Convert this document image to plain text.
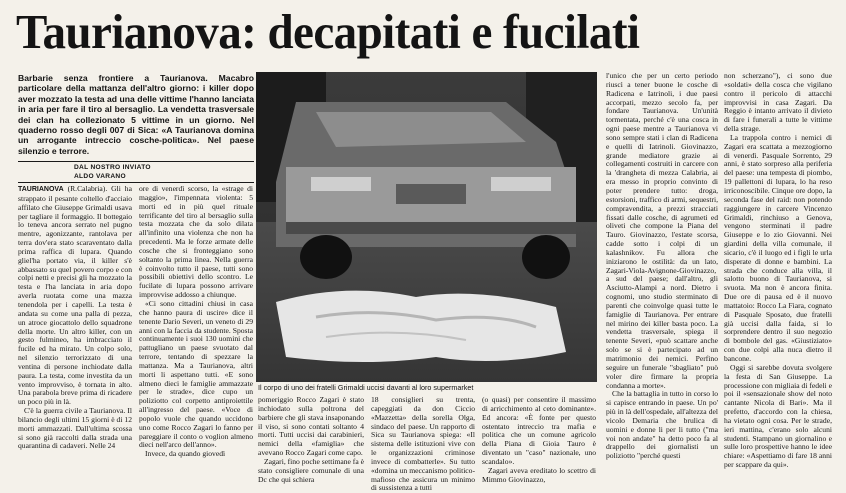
Taurianova: decapitati e fucilati
Barbarie senza frontiere a Taurianova. Macabro particolare della mattanza dell'altro giorno: i killer dopo aver mozzato la testa ad una delle vittime l'hanno lanciata in aria per fare il tiro al bersaglio. La vendetta trasversale dei clan ha collezionato 5 vittime in un giorno. Nel quaderno rosso degli 007 di Sica: «A Taurianova domina un arrogante intreccio cosche-politica». Nel paese silenzio e terrore.
DAL NOSTRO INVIATO
ALDO VARANO

TAURIANOVA (R.Calabria). Gli ha strappato il pesante coltello d'acciaio affilato che Giuseppe Grimaldi usava per tagliare il formaggio. Il bottegaio lo teneva ancora serrato nel pugno mentre, agonizzante, rantolava per terra dov'era stato scaraventato dalla prima raffica di lupara. Quando gliel'ha portato via, il killer s'è abbassato su quel povero corpo e con colpi netti e precisi gli ha mozzato la testa e l'ha lanciata in aria dopo averla ruotata come una mazza tenendola per i capelli. La testa è andata su come una palla di pezza, un atroce giocattolo dello squadrone della morte. Un altro killer, con un gesto fulmineo, ha imbracciato il fucile ed ha mirato. Un colpo solo, nel silenzio terrorizzato di una ventina di persone inchiodate dalla paura. La testa, come investita da un vento improvviso, è tornata in alto. Una parabola breve prima di ricadere un poco più in là.

C'è la guerra civile a Taurianova. Il bilancio degli ultimi 15 giorni è di 12 morti ammazzati. Dall'ultima scossa si sono già raccolti dalla strada una quarantina di cadaveri. Nelle 24

ore di venerdì scorso, la «strage di maggio», l'impennata violenta: 5 morti ed in più quel rituale terrificante del tiro al bersaglio sulla testa mozzata che da solo dilata all'infinito una violenza che non ha precedenti. Ma le forze armate delle cosche che si fronteggiano sono soltanto la prima linea. Nella guerra è coinvolto tutto il paese, tutti sono possibili obiettivi dello scontro. Le fucilate di lupara possono arrivare improvvise addosso a chiunque.

«Ci sono cittadini chiusi in casa che hanno paura di uscire» dice il tenente Dario Severi, un veneto di 29 anni con la faccia da studente. Sposta continuamente i suoi 130 uomini che pattugliano un paese svuotato dal terrore, tentando di spezzare la mattanza. Ma a Taurianova, altri morti li aspettano tutti. «E sono almeno dieci le famiglie ammazzate per le strade», dice cupo un poliziotto col corpetto antiproiettile all'ingresso del paese. «Voce di popolo vuole che quando uccidono uno come Rocco Zagari lo fanno per pareggiare il conto o voglion almeno dieci nell'arco dell'anno».

Invece, da quando giovedì

Il corpo di uno dei fratelli Grimaldi uccisi davanti al loro supermarket

pomeriggio Rocco Zagari è stato inchiodato sulla poltrona del barbiere che gli stava insaponando il viso, si sono contati soltanto 4 morti. Tutti uccisi dai carabinieri, nemici della «famiglia» che avevano Rocco Zagari come capo.

Zagari, fino poche settimane fa è stato consigliere comunale di una Dc che qui schiera

18 consiglieri su trenta, capeggiati da don Ciccio «Mazzetta» della sorella Olga, sindaco del paese. Un rapporto di Sica su Taurianova spiega: «Il sistema delle istituzioni vive con le organizzazioni criminose invece di combatterle». Su tutto «domina un meccanismo politico-mafioso che assicura un minimo di sussistenza a tutti

(o quasi) per consentire il massimo di arricchimento al ceto dominante». Ed ancora: «È fonte per questo ostentato intreccio tra mafia e politica che un comune agricolo della Piana di Gioia Tauro è diventato un "caso" nazionale, uno scandalo».

Zagari aveva ereditato lo scettro di Mimmo Giovinazzo,

l'unico che per un certo periodo riuscì a tener buone le cosche di Radicena e Iatrinoli, i due paesi accorpati, mezzo secolo fa, per fondare Taurianova. Un'unità tormentata, perché c'è una cosca in ogni paese mentre a Taurianova vi sono sempre stati i clan di Radicena e quelli di Iatrinoli. Giovinazzo, grande mediatore grazie ai collegamenti costruiti in carcere con la 'drangheta di mezza Calabria, ai era messo in proprio convinto di poter prendere tutto: droga, estorsioni, traffico di armi, sequestri, compravendita, a prezzi stracciati fissati dalle cosche, di agrumeti ed oliveti che compone la Piana del Tauro. Giovinazzo, l'estate scorsa, cadde sotto i colpi di un kalashnikov. Fu allora che iniziarono le ostilità: da un lato, Zagari-Viola-Avignone-Giovinazzo, a sud del paese; dall'altro, gli Asciutto-Alampi a nord. Dietro i cognomi, uno studio sterminato di parenti che coinvolge quasi tutte le famiglie di Taurianova. Per entrare nel mirino dei killer basta poco. La vendetta trasversale, spiega il tenente Severi, «può scattare anche solo se si è partecipato ad un matrimonio dei nemici. Perfino seguire un funerale "sbagliato" può voler dire firmare la propria condanna a morte».

Che la battaglia in tutto in corso lo si capisce entrando in paese. Un po' più in là dell'ospedale, all'altezza del vicolo Demaria che brulica di uomini e donne li per li tutto ("ma voi non andate" ha detto poco fa al drappello dei giornalisti un poliziotto "perché questi

non scherzano"), ci sono due «soldati» della cosca che vigilano contro il pericolo di attacchi improvvisi in casa Zagari. Da Reggio è intanto arrivato il divieto di fare i funerali a tutte le vittime della strage.

La trappola contro i nemici di Zagari era scattata a mezzogiorno di venerdì. Pasquale Sorrento, 29 anni, è stato sorpreso alla periferia del paese: una tempesta di piombo, 19 pallettoni di lupara, lo ha reso irriconoscibile. Cinque ore dopo, la seconda fase del raid: non potendo raggiungere in carcere Vincenzo Grimaldi, rinchiuso a Genova, vengono sterminati il padre Giuseppe e lo zio Giovanni. Nei giardini della villa comunale, il sicario, c'è il luogo ed i figli le urla disperate di donne e bambini. La strada che conduce alla villa, il salotto buono di Taurianova, si svuota. Ma non è ancora finita. Due ore di pausa ed è il nuovo mattatoio: Rocco La Fiara, cognato di Pasquale Sposato, due fratelli già uccisi dalla faida, si lo sorprendere dentro il suo negozio di bombole del gas. «Giustiziato» con due colpi alla nuca dietro il bancone.

Oggi si sarebbe dovuta svolgere la festa di San Giuseppe. La processione con migliaia di fedeli e poi il «sensazionale show del noto cantante Nicola di Bari». Ma il prefetto, d'accordo con la chiesa, ha vietato ogni cosa. Per le strade, ieri mattina, c'erano solo alcuni studenti. Stampano un giornalino e sulle loro prospettive hanno le idee chiare: «Aspettiamo di fare 18 anni per scappare da qui».
